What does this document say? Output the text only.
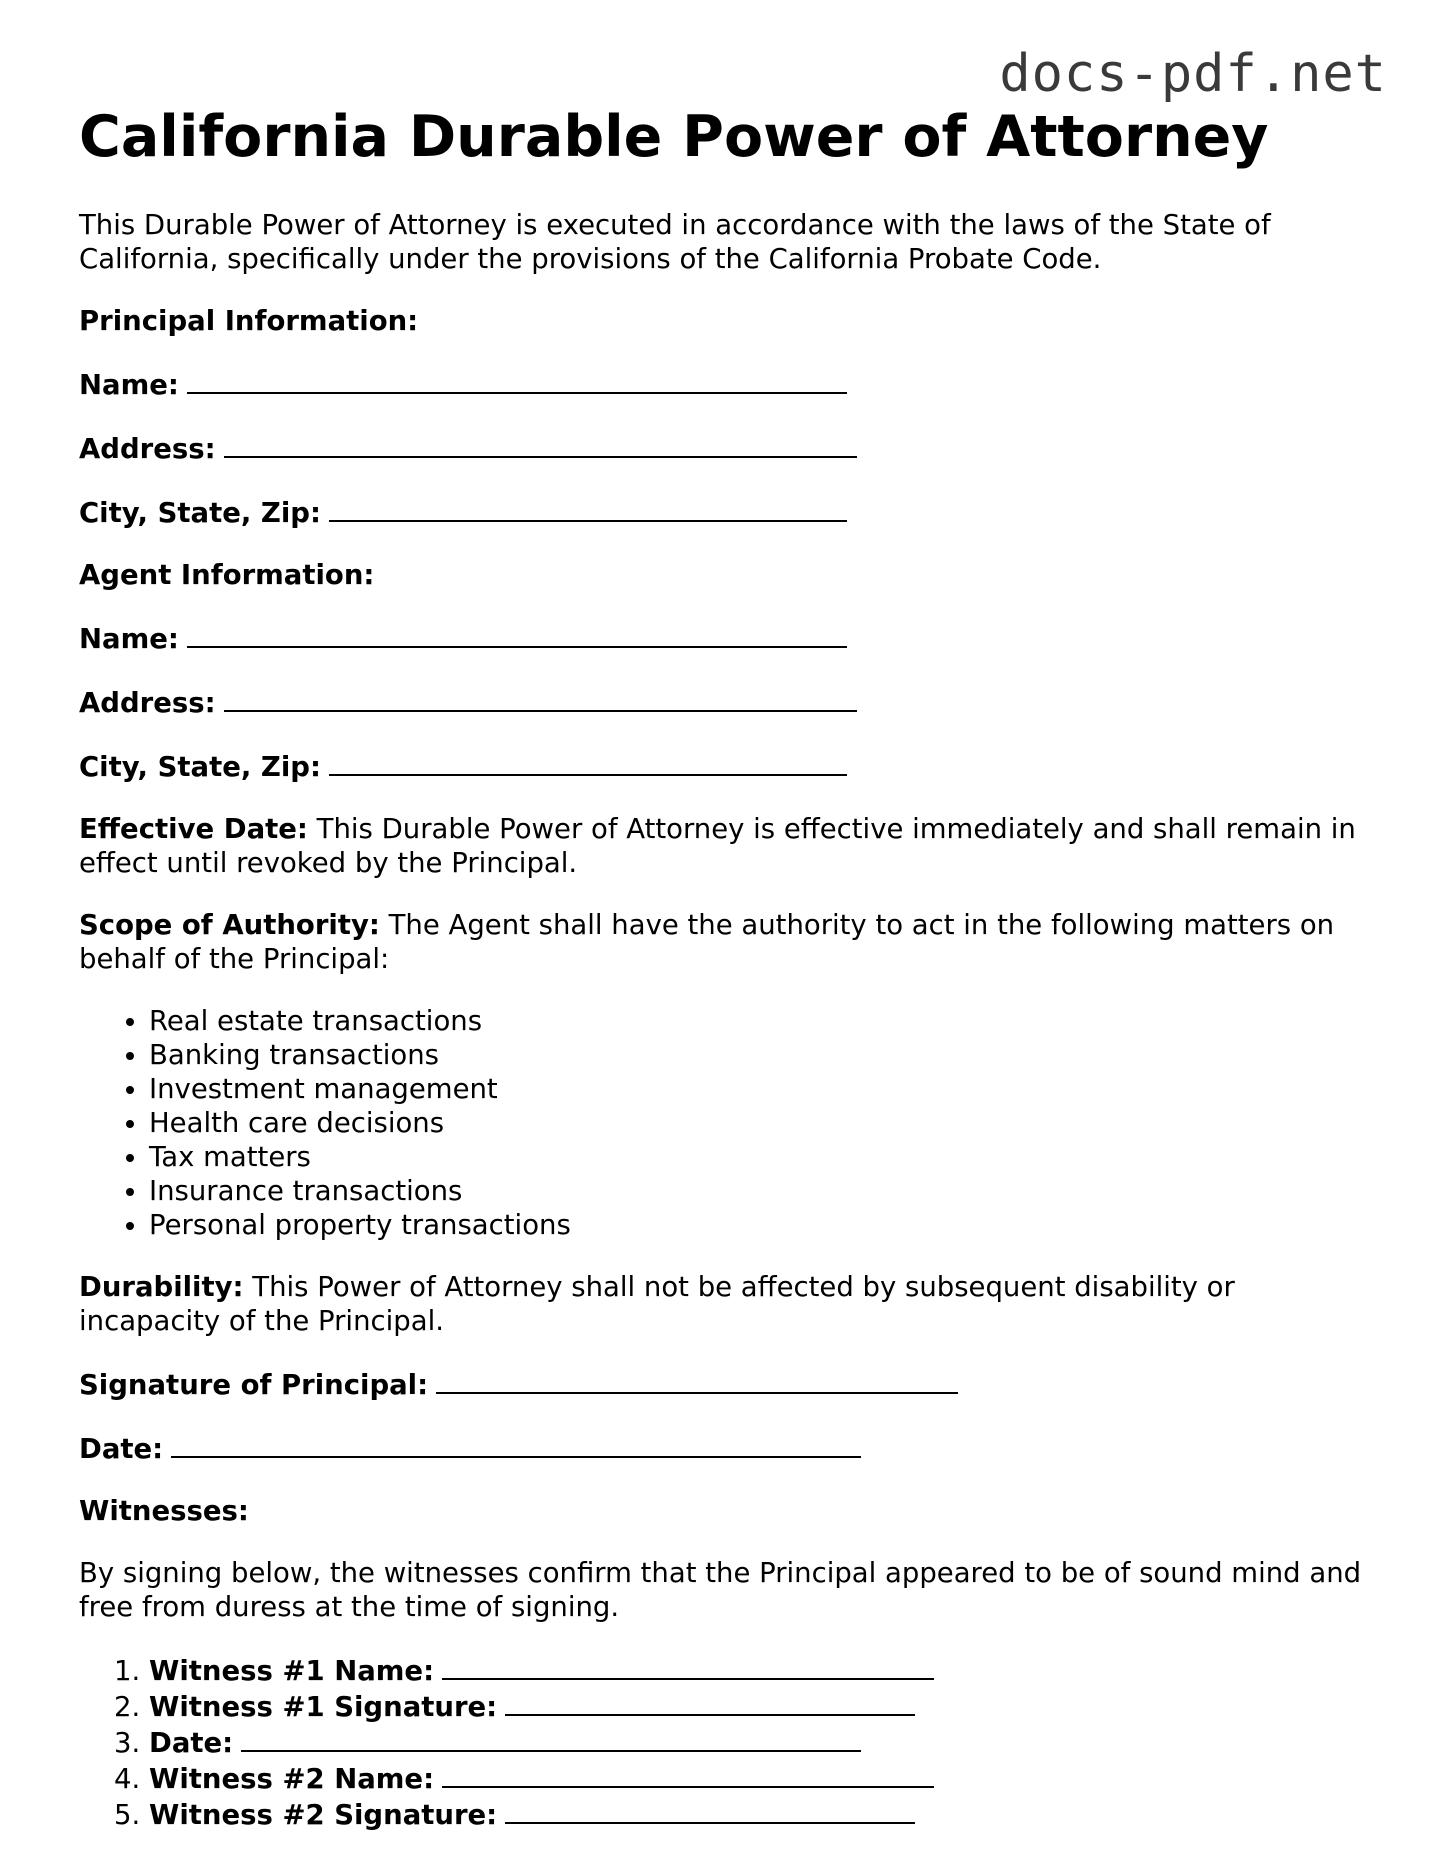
docs-pdf.net
California Durable Power of Attorney

This Durable Power of Attorney is executed in accordance with the laws of the State of California, specifically under the provisions of the California Probate Code.

Principal Information:

Name:

Address:

City, State, Zip:

Agent Information:

Name:

Address:

City, State, Zip:

Effective Date: This Durable Power of Attorney is effective immediately and shall remain in effect until revoked by the Principal.

Scope of Authority: The Agent shall have the authority to act in the following matters on behalf of the Principal:

• Real estate transactions
• Banking transactions
• Investment management
• Health care decisions
• Tax matters
• Insurance transactions
• Personal property transactions

Durability: This Power of Attorney shall not be affected by subsequent disability or incapacity of the Principal.

Signature of Principal:

Date:

Witnesses:

By signing below, the witnesses confirm that the Principal appeared to be of sound mind and free from duress at the time of signing.

1. Witness #1 Name:
2. Witness #1 Signature:
3. Date:
4. Witness #2 Name:
5. Witness #2 Signature:
